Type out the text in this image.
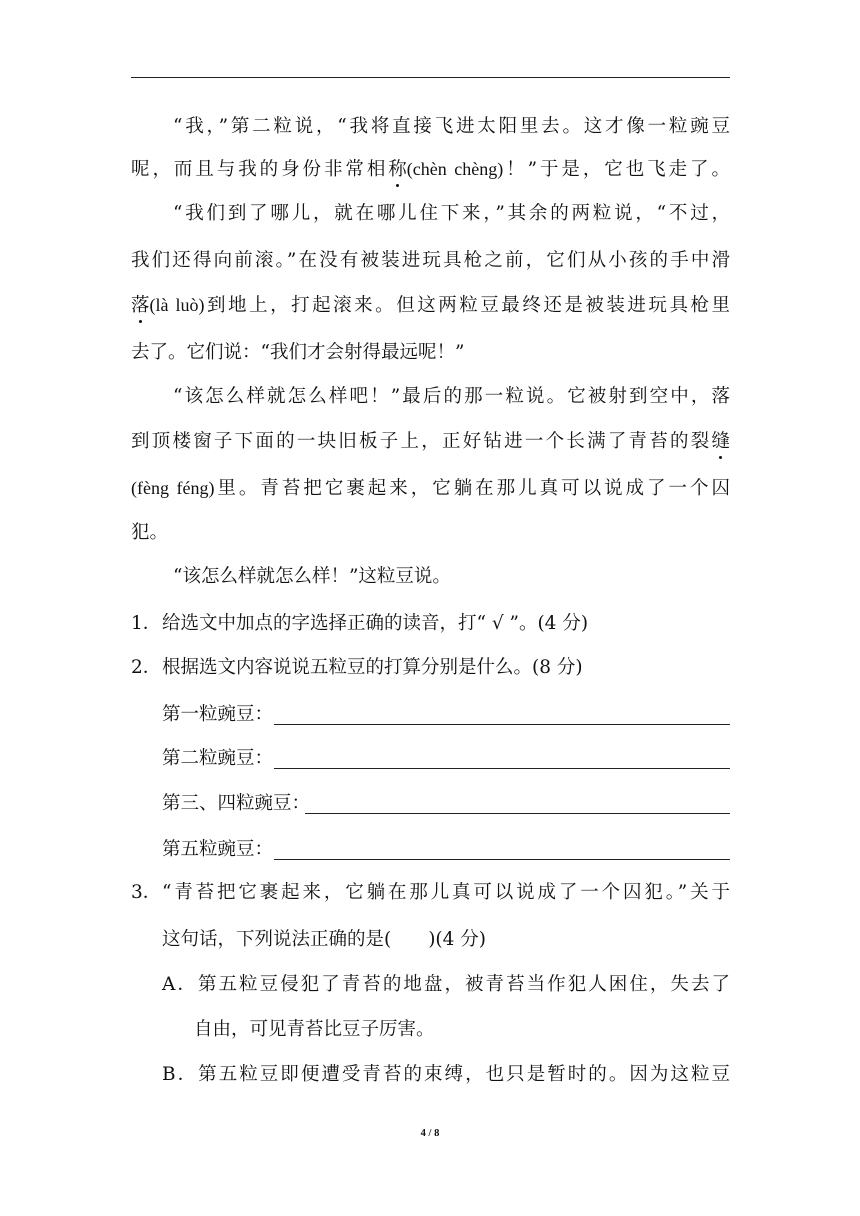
“我，”第二粒说，“我将直接飞进太阳里去。这才像一粒豌豆
呢，而且与我的身份非常相称(chèn chèng)！”于是，它也飞走了。
“我们到了哪儿，就在哪儿住下来，”其余的两粒说，“不过，
我们还得向前滚。”在没有被装进玩具枪之前，它们从小孩的手中滑
落(là luò)到地上，打起滚来。但这两粒豆最终还是被装进玩具枪里
去了。它们说：“我们才会射得最远呢！”
“该怎么样就怎么样吧！”最后的那一粒说。它被射到空中，落
到顶楼窗子下面的一块旧板子上，正好钻进一个长满了青苔的裂缝
(fèng féng)里。青苔把它裹起来，它躺在那儿真可以说成了一个囚
犯。
“该怎么样就怎么样！”这粒豆说。
1． 给选文中加点的字选择正确的读音，打“ √ ”。(4 分)
2． 根据选文内容说说五粒豆的打算分别是什么。(8 分)
第一粒豌豆：
第二粒豌豆：
第三、四粒豌豆：
第五粒豌豆：
3． “青苔把它裹起来，它躺在那儿真可以说成了一个囚犯。”关于
这句话，下列说法正确的是(　　)(4 分)
A．第五粒豆侵犯了青苔的地盘，被青苔当作犯人困住，失去了
自由，可见青苔比豆子厉害。
B．第五粒豆即便遭受青苔的束缚，也只是暂时的。因为这粒豆
4 / 8
